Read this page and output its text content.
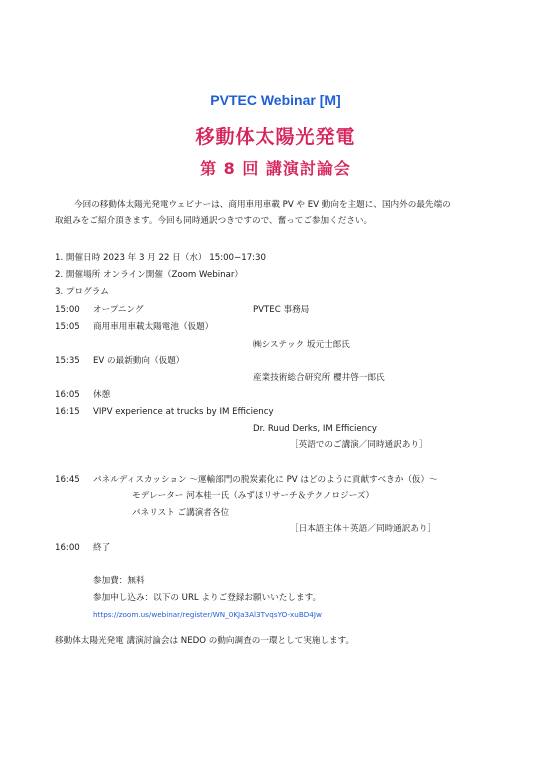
PVTEC Webinar [M]
移動体太陽光発電
第 8 回 講演討論会
今回の移動体太陽光発電ウェビナーは、商用車用車載 PV や EV 動向を主題に、国内外の最先端の
取組みをご紹介頂きます。今回も同時通訳つきですので、奮ってご参加ください。
1. 開催日時 2023 年 3 月 22 日（水） 15:00−17:30
2. 開催場所 オンライン開催（Zoom Webinar）
3. プログラム
15:00 オープニング	PVTEC 事務局
15:05 商用車用車載太陽電池（仮題）
㈱システック 坂元士郎氏
15:35 EV の最新動向（仮題）
産業技術総合研究所 櫻井啓一郎氏
16:05 休憩
16:15 VIPV experience at trucks by IM Efficiency
Dr. Ruud Derks, IM Efficiency
［英語でのご講演／同時通訳あり］
16:45 パネルディスカッション 〜運輸部門の脱炭素化に PV はどのように貢献すべきか（仮）〜
モデレーター 河本桂一氏（みずほリサーチ＆テクノロジーズ）
パネリスト ご講演者各位
［日本語主体＋英語／同時通訳あり］
16:00 終了
参加費：無料
参加申し込み：以下の URL よりご登録お願いいたします。
https://zoom.us/webinar/register/WN_0KJa3Al3TvqsYO-xuBD4Jw
移動体太陽光発電 講演討論会は NEDO の動向調査の一環として実施します。
